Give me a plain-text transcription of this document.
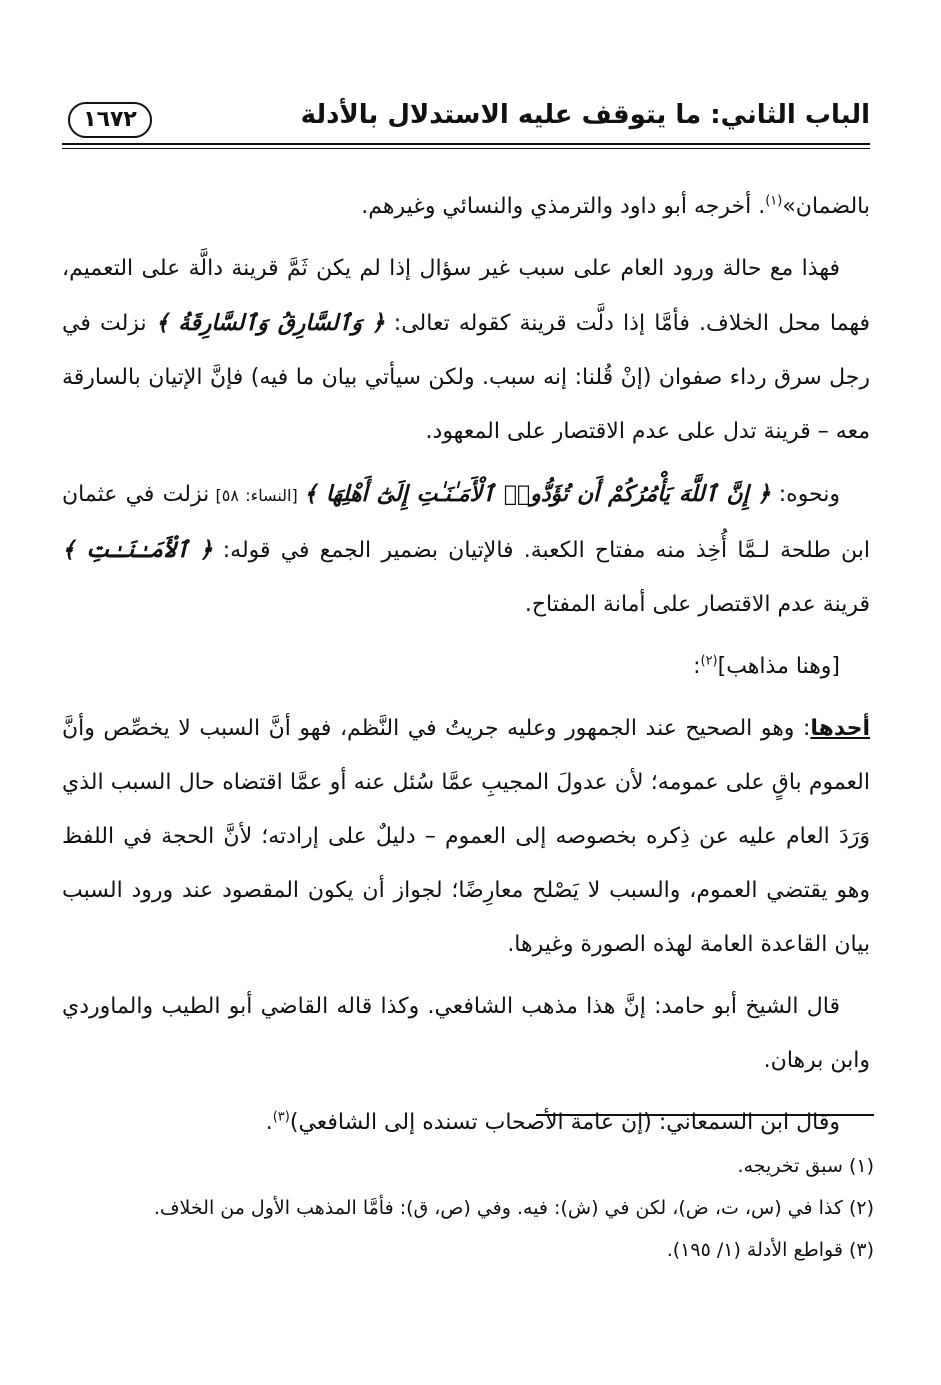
١٦٧٢	الباب الثاني: ما يتوقف عليه الاستدلال بالأدلة

بالضمان»$^{(١)}$. أخرجه أبو داود والترمذي والنسائي وغيرهم.

فهذا مع حالة ورود العام على سبب غير سؤال إذا لم يكن ثَمَّ قرينة دالَّة على التعميم، فهما محل الخلاف. فأمَّا إذا دلَّت قرينة كقوله تعالى: ﴿ وَٱلسَّارِقُ وَٱلسَّارِقَةُ ﴾ نزلت في رجل سرق رداء صفوان (إنْ قُلنا: إنه سبب. ولكن سيأتي بيان ما فيه) فإنَّ الإتيان بالسارقة معه – قرينة تدل على عدم الاقتصار على المعهود.

ونحوه: ﴿ إِنَّ ٱللَّهَ يَأْمُرُكُمْ أَن تُؤَدُّوا۟ ٱلْأَمَـٰنَـٰتِ إِلَىٰٓ أَهْلِهَا ﴾ [النساء: ٥٨] نزلت في عثمان ابن طلحة لـمَّا أُخِذ منه مفتاح الكعبة. فالإتيان بضمير الجمع في قوله: ﴿ ٱلْأَمَـٰنَـٰتِ ﴾ قرينة عدم الاقتصار على أمانة المفتاح.

[وهنا مذاهب]$^{(٢)}$:

أحدها: وهو الصحيح عند الجمهور وعليه جريتُ في النَّظم، فهو أنَّ السبب لا يخصِّص وأنَّ العموم باقٍ على عمومه؛ لأن عدولَ المجيبِ عمَّا سُئل عنه أو عمَّا اقتضاه حال السبب الذي وَرَدَ العام عليه عن ذِكره بخصوصه إلى العموم – دليلٌ على إرادته؛ لأنَّ الحجة في اللفظ وهو يقتضي العموم، والسبب لا يَصْلح معارِضًا؛ لجواز أن يكون المقصود عند ورود السبب بيان القاعدة العامة لهذه الصورة وغيرها.

قال الشيخ أبو حامد: إنَّ هذا مذهب الشافعي. وكذا قاله القاضي أبو الطيب والماوردي وابن برهان.

وقال ابن السمعاني: (إن عامة الأصحاب تسنده إلى الشافعي)$^{(٣)}$.

(١) سبق تخريجه.
(٢) كذا في (س، ت، ض)، لكن في (ش): فيه. وفي (ص، ق): فأمَّا المذهب الأول من الخلاف.
(٣) قواطع الأدلة (١/ ١٩٥).
